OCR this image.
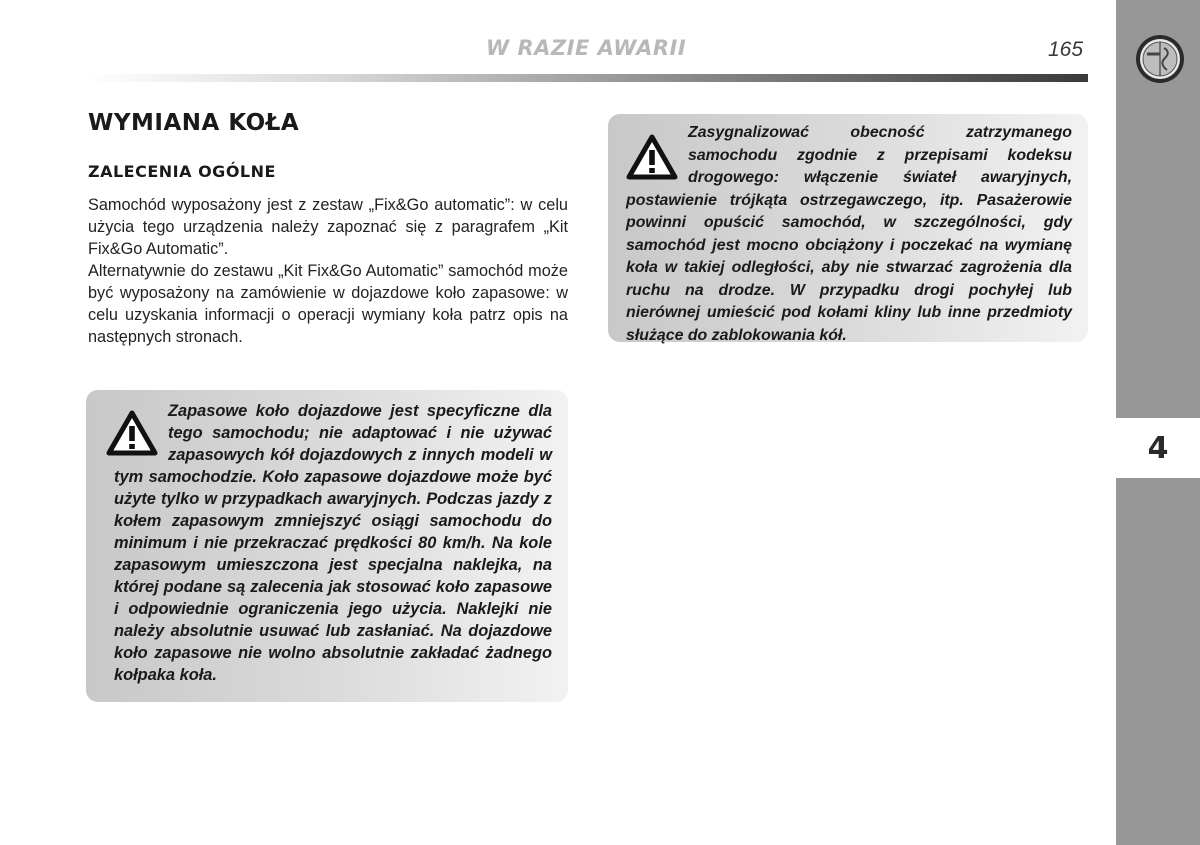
W RAZIE AWARII	165
4
WYMIANA KOŁA
ZALECENIA OGÓLNE

Samochód wyposażony jest z zestaw „Fix&Go automatic”: w celu użycia tego urządzenia należy zapoznać się z paragrafem „Kit Fix&Go Automatic”.

Alternatywnie do zestawu „Kit Fix&Go Automatic” samochód może być wyposażony na zamówienie w dojazdowe koło zapasowe: w celu uzyskania informacji o operacji wymiany koła patrz opis na następnych stronach.

Zapasowe koło dojazdowe jest specyficzne dla tego samochodu; nie adaptować i nie używać zapasowych kół dojazdowych z innych modeli w tym samochodzie. Koło zapasowe dojazdowe może być użyte tylko w przypadkach awaryjnych. Podczas jazdy z kołem zapasowym zmniejszyć osiągi samochodu do minimum i nie przekraczać prędkości 80 km/h. Na kole zapasowym umieszczona jest specjalna naklejka, na której podane są zalecenia jak stosować koło zapasowe i odpowiednie ograniczenia jego użycia. Naklejki nie należy absolutnie usuwać lub zasłaniać. Na dojazdowe koło zapasowe nie wolno absolutnie zakładać żadnego kołpaka koła.

Zasygnalizować obecność zatrzymanego samochodu zgodnie z przepisami kodeksu drogowego: włączenie świateł awaryjnych, postawienie trójkąta ostrzegawczego, itp. Pasażerowie powinni opuścić samochód, w szczególności, gdy samochód jest mocno obciążony i poczekać na wymianę koła w takiej odległości, aby nie stwarzać zagrożenia dla ruchu na drodze. W przypadku drogi pochyłej lub nierównej umieścić pod kołami kliny lub inne przedmioty służące do zablokowania kół.
